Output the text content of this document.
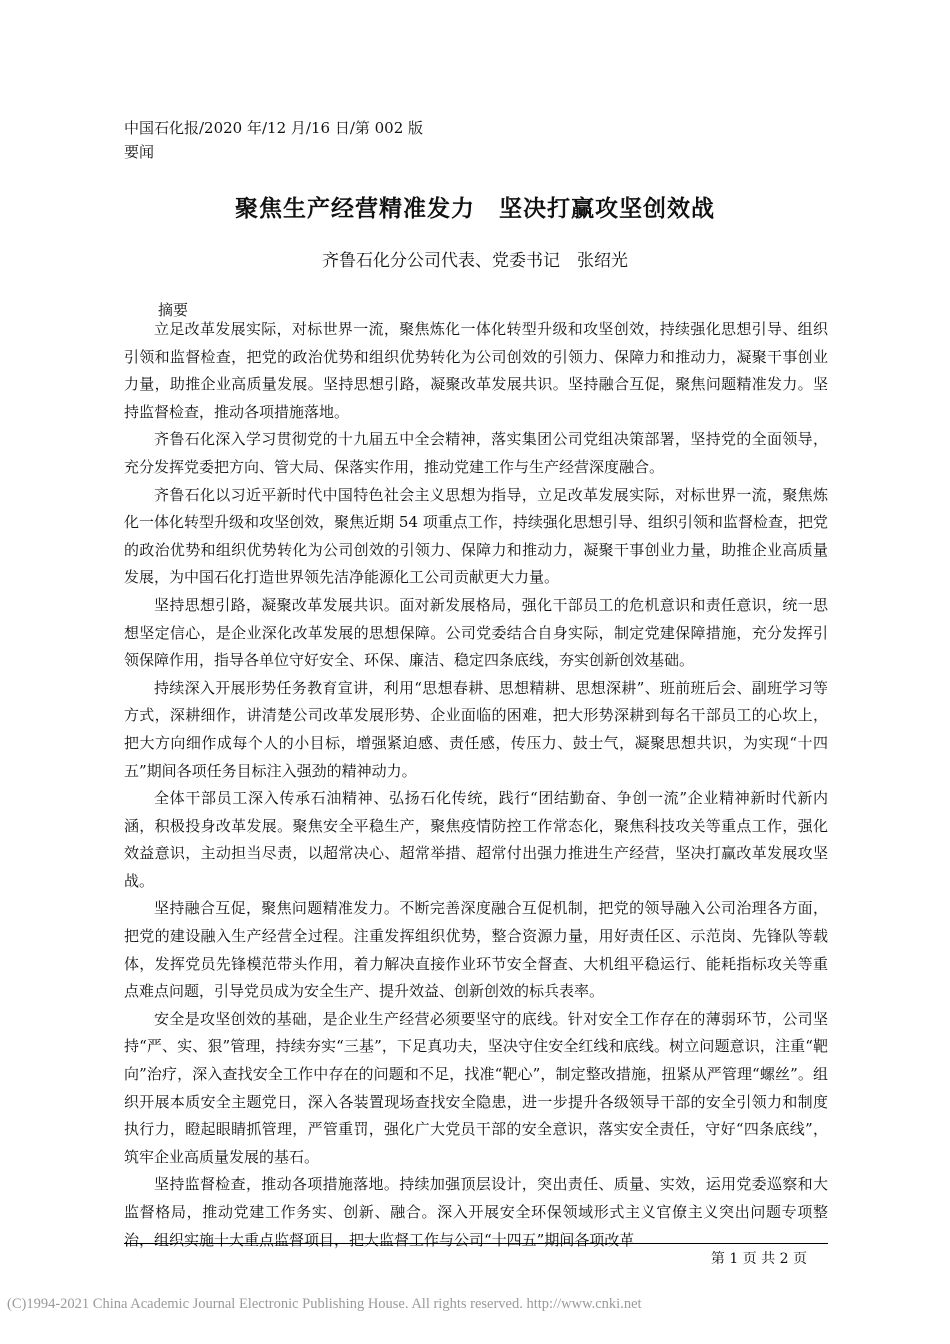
中国石化报/2020 年/12 月/16 日/第 002 版
要闻
聚焦生产经营精准发力　坚决打赢攻坚创效战
齐鲁石化分公司代表、党委书记　张绍光
摘要

立足改革发展实际，对标世界一流，聚焦炼化一体化转型升级和攻坚创效，持续强化思想引导、组织引领和监督检查，把党的政治优势和组织优势转化为公司创效的引领力、保障力和推动力，凝聚干事创业力量，助推企业高质量发展。坚持思想引路，凝聚改革发展共识。坚持融合互促，聚焦问题精准发力。坚持监督检查，推动各项措施落地。

齐鲁石化深入学习贯彻党的十九届五中全会精神，落实集团公司党组决策部署，坚持党的全面领导，充分发挥党委把方向、管大局、保落实作用，推动党建工作与生产经营深度融合。

齐鲁石化以习近平新时代中国特色社会主义思想为指导，立足改革发展实际，对标世界一流，聚焦炼化一体化转型升级和攻坚创效，聚焦近期 54 项重点工作，持续强化思想引导、组织引领和监督检查，把党的政治优势和组织优势转化为公司创效的引领力、保障力和推动力，凝聚干事创业力量，助推企业高质量发展，为中国石化打造世界领先洁净能源化工公司贡献更大力量。

坚持思想引路，凝聚改革发展共识。面对新发展格局，强化干部员工的危机意识和责任意识，统一思想坚定信心，是企业深化改革发展的思想保障。公司党委结合自身实际，制定党建保障措施，充分发挥引领保障作用，指导各单位守好安全、环保、廉洁、稳定四条底线，夯实创新创效基础。

持续深入开展形势任务教育宣讲，利用“思想春耕、思想精耕、思想深耕”、班前班后会、副班学习等方式，深耕细作，讲清楚公司改革发展形势、企业面临的困难，把大形势深耕到每名干部员工的心坎上，把大方向细作成每个人的小目标，增强紧迫感、责任感，传压力、鼓士气，凝聚思想共识，为实现“十四五”期间各项任务目标注入强劲的精神动力。

全体干部员工深入传承石油精神、弘扬石化传统，践行“团结勤奋、争创一流”企业精神新时代新内涵，积极投身改革发展。聚焦安全平稳生产，聚焦疫情防控工作常态化，聚焦科技攻关等重点工作，强化效益意识，主动担当尽责，以超常决心、超常举措、超常付出强力推进生产经营，坚决打赢改革发展攻坚战。

坚持融合互促，聚焦问题精准发力。不断完善深度融合互促机制，把党的领导融入公司治理各方面，把党的建设融入生产经营全过程。注重发挥组织优势，整合资源力量，用好责任区、示范岗、先锋队等载体，发挥党员先锋模范带头作用，着力解决直接作业环节安全督查、大机组平稳运行、能耗指标攻关等重点难点问题，引导党员成为安全生产、提升效益、创新创效的标兵表率。

安全是攻坚创效的基础，是企业生产经营必须要坚守的底线。针对安全工作存在的薄弱环节，公司坚持“严、实、狠”管理，持续夯实“三基”，下足真功夫，坚决守住安全红线和底线。树立问题意识，注重“靶向”治疗，深入查找安全工作中存在的问题和不足，找准“靶心”，制定整改措施，扭紧从严管理“螺丝”。组织开展本质安全主题党日，深入各装置现场查找安全隐患，进一步提升各级领导干部的安全引领力和制度执行力，瞪起眼睛抓管理，严管重罚，强化广大党员干部的安全意识，落实安全责任，守好“四条底线”，筑牢企业高质量发展的基石。

坚持监督检查，推动各项措施落地。持续加强顶层设计，突出责任、质量、实效，运用党委巡察和大监督格局，推动党建工作务实、创新、融合。深入开展安全环保领域形式主义官僚主义突出问题专项整治，组织实施十大重点监督项目，把大监督工作与公司“十四五”期间各项改革

第 1 页 共 2 页
(C)1994-2021 China Academic Journal Electronic Publishing House. All rights reserved. http://www.cnki.net
